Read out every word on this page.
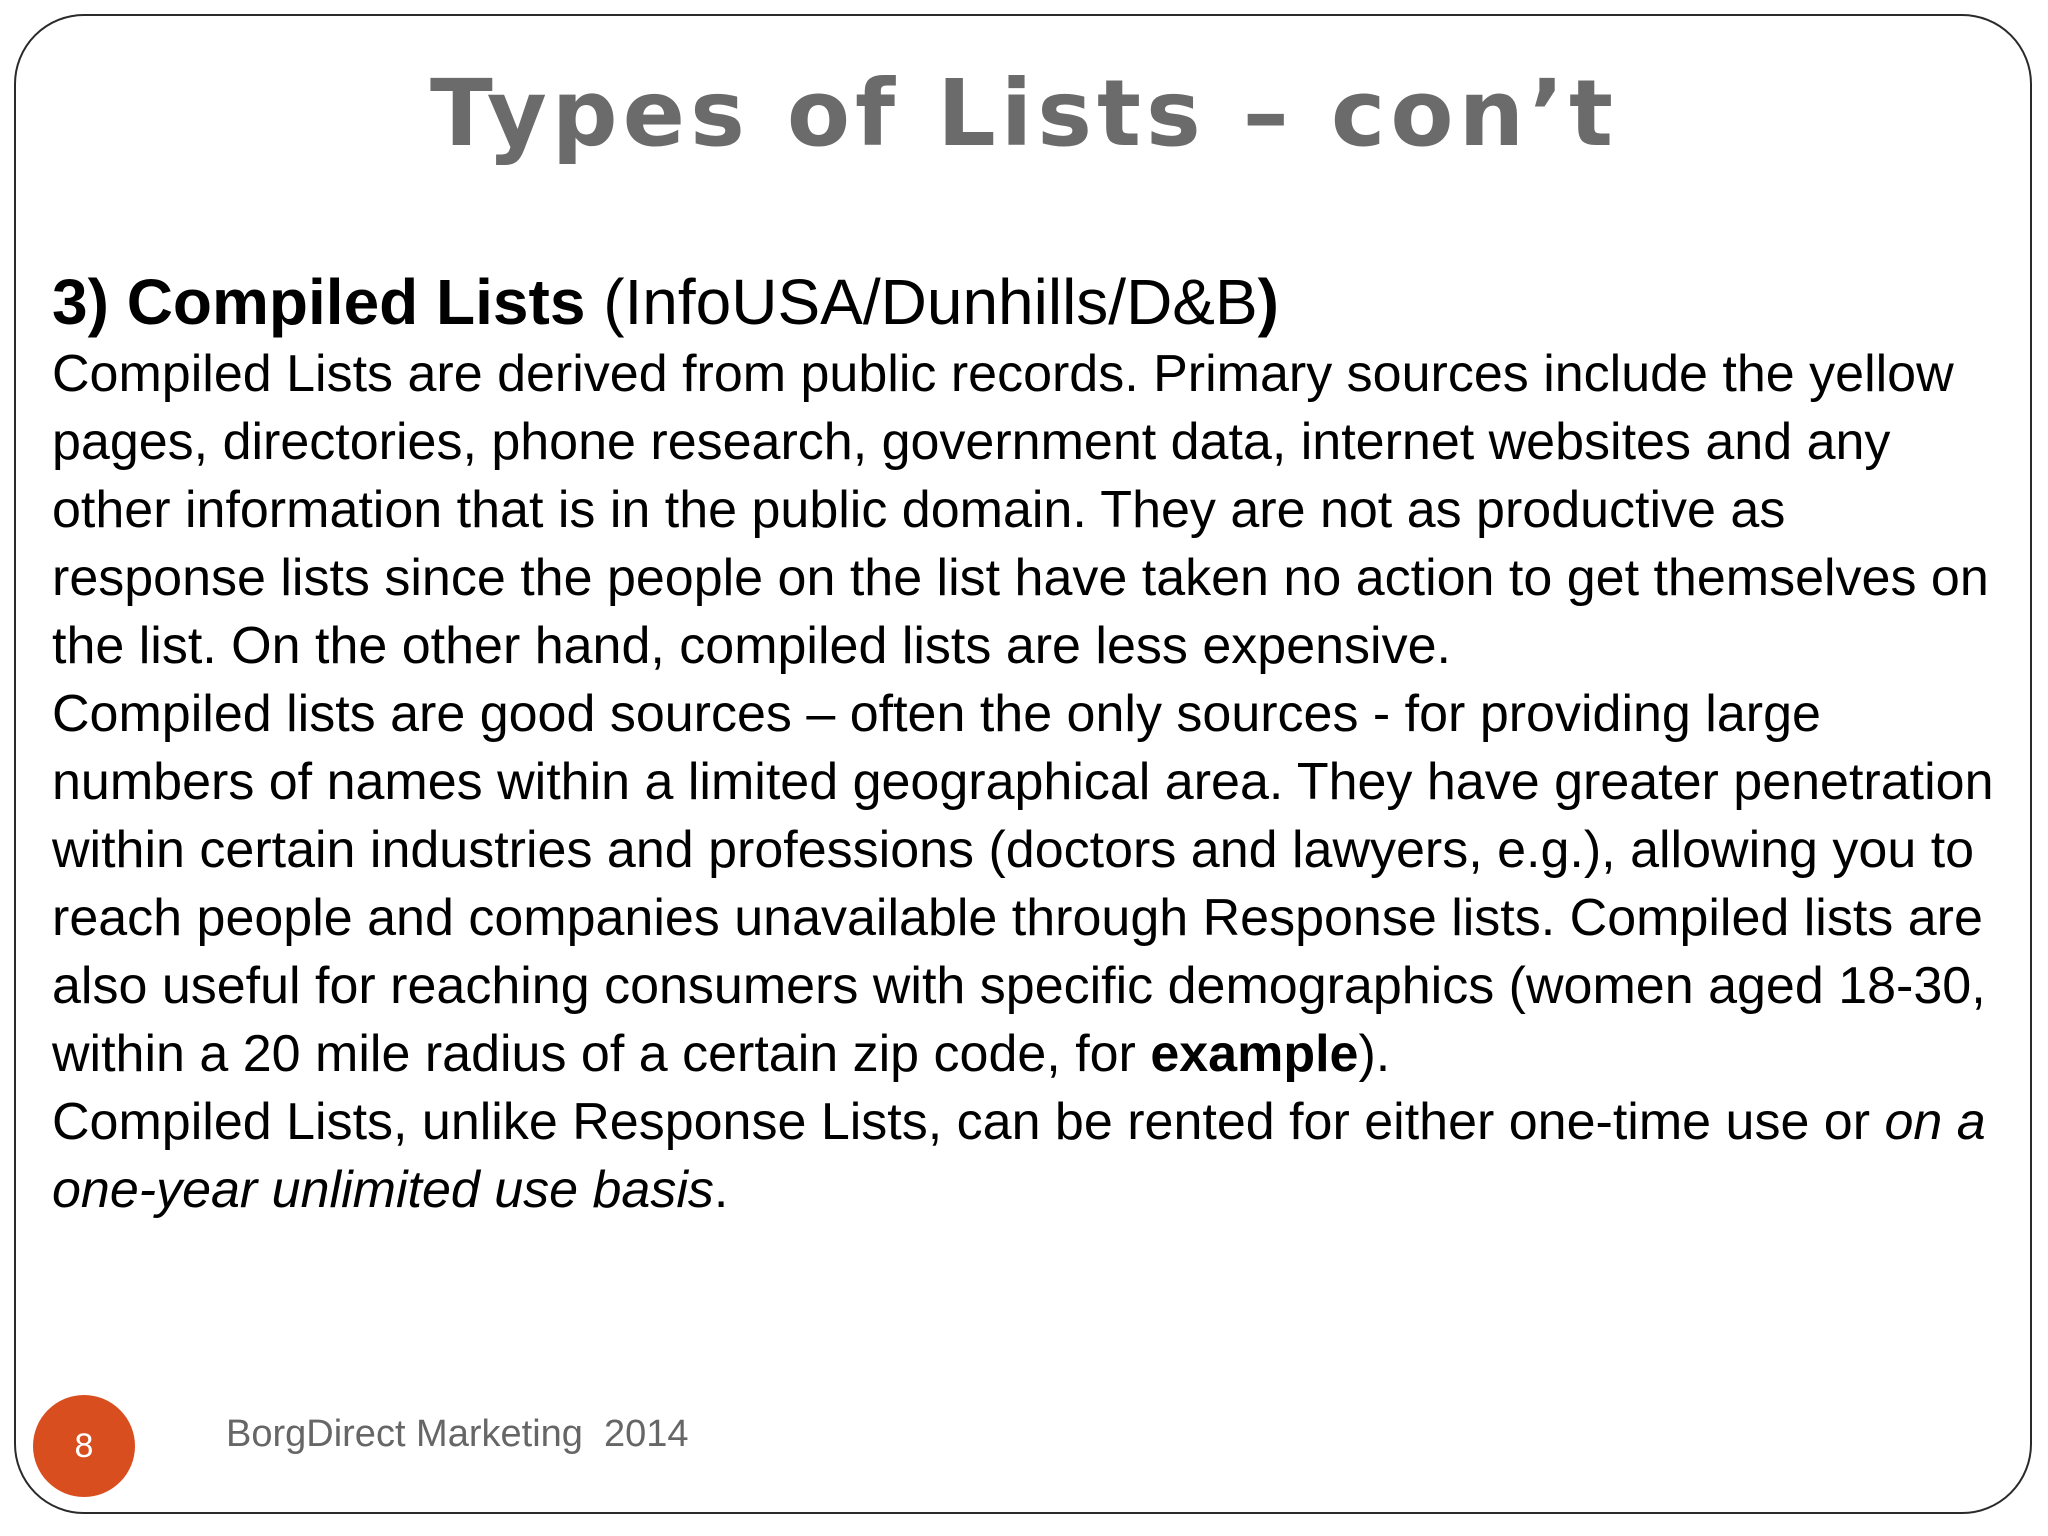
Types of Lists – con’t

3) Compiled Lists (InfoUSA/Dunhills/D&B)

Compiled Lists are derived from public records. Primary sources include the yellow pages, directories, phone research, government data, internet websites and any other information that is in the public domain. They are not as productive as response lists since the people on the list have taken no action to get themselves on the list. On the other hand, compiled lists are less expensive.

Compiled lists are good sources – often the only sources - for providing large numbers of names within a limited geographical area. They have greater penetration within certain industries and professions (doctors and lawyers, e.g.), allowing you to reach people and companies unavailable through Response lists. Compiled lists are also useful for reaching consumers with specific demographics (women aged 18-30, within a 20 mile radius of a certain zip code, for example).

Compiled Lists, unlike Response Lists, can be rented for either one-time use or on a one-year unlimited use basis.

8	BorgDirect Marketing  2014
